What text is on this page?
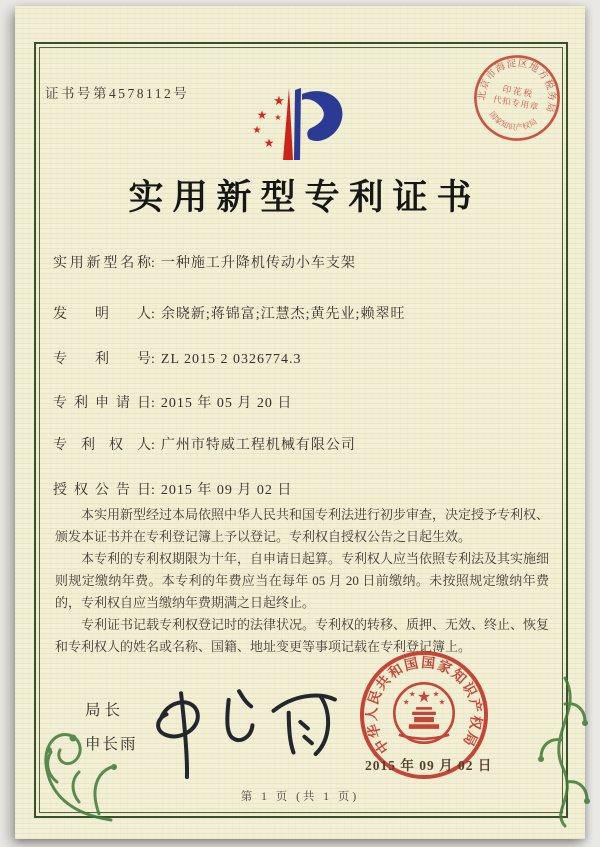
证书号第4578112号	★
★ ★
★
★
北京市海淀区地方税务局
国家知识产权局
印花税
代扣专用章
实用新型专利证书

实用新型名称: 一种施工升降机传动小车支架

发明人: 余晓新;蒋锦富;江慧杰;黄先业;赖翠旺

专利号: ZL 2015 2 0326774.3

专利申请日: 2015 年 05 月 20 日

专利权人: 广州市特威工程机械有限公司

授权公告日: 2015 年 09 月 02 日

本实用新型经过本局依照中华人民共和国专利法进行初步审查，决定授予专利权、颁发本证书并在专利登记簿上予以登记。专利权自授权公告之日起生效。

本专利的专利权期限为十年，自申请日起算。专利权人应当依照专利法及其实施细则规定缴纳年费。本专利的年费应当在每年 05 月 20 日前缴纳。未按照规定缴纳年费的，专利权自应当缴纳年费期满之日起终止。

专利证书记载专利权登记时的法律状况。专利权的转移、质押、无效、终止、恢复和专利权人的姓名或名称、国籍、地址变更等事项记载在专利登记簿上。

局长
申长雨	中华人民共和国国家知识产权局
★
★ ★
★	★
2015 年 09 月 02 日
第 1 页 (共 1 页)
